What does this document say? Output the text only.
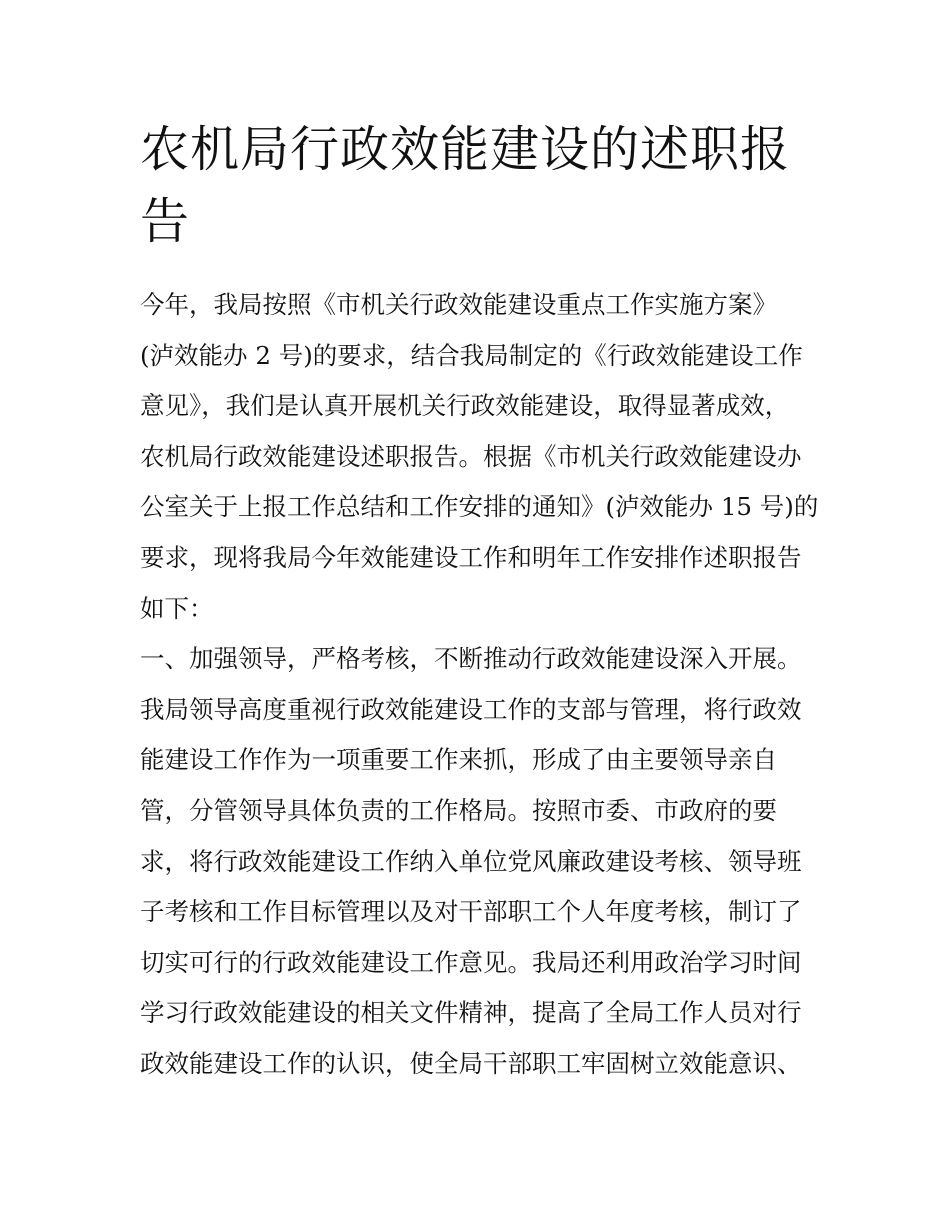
农机局行政效能建设的述职报
告
今年，我局按照《市机关行政效能建设重点工作实施方案》
(泸效能办 2 号)的要求，结合我局制定的《行政效能建设工作
意见》，我们是认真开展机关行政效能建设，取得显著成效，
农机局行政效能建设述职报告。根据《市机关行政效能建设办
公室关于上报工作总结和工作安排的通知》(泸效能办 15 号)的
要求，现将我局今年效能建设工作和明年工作安排作述职报告
如下：
一、加强领导，严格考核，不断推动行政效能建设深入开展。
我局领导高度重视行政效能建设工作的支部与管理，将行政效
能建设工作作为一项重要工作来抓，形成了由主要领导亲自
管，分管领导具体负责的工作格局。按照市委、市政府的要
求，将行政效能建设工作纳入单位党风廉政建设考核、领导班
子考核和工作目标管理以及对干部职工个人年度考核，制订了
切实可行的行政效能建设工作意见。我局还利用政治学习时间
学习行政效能建设的相关文件精神，提高了全局工作人员对行
政效能建设工作的认识，使全局干部职工牢固树立效能意识、
